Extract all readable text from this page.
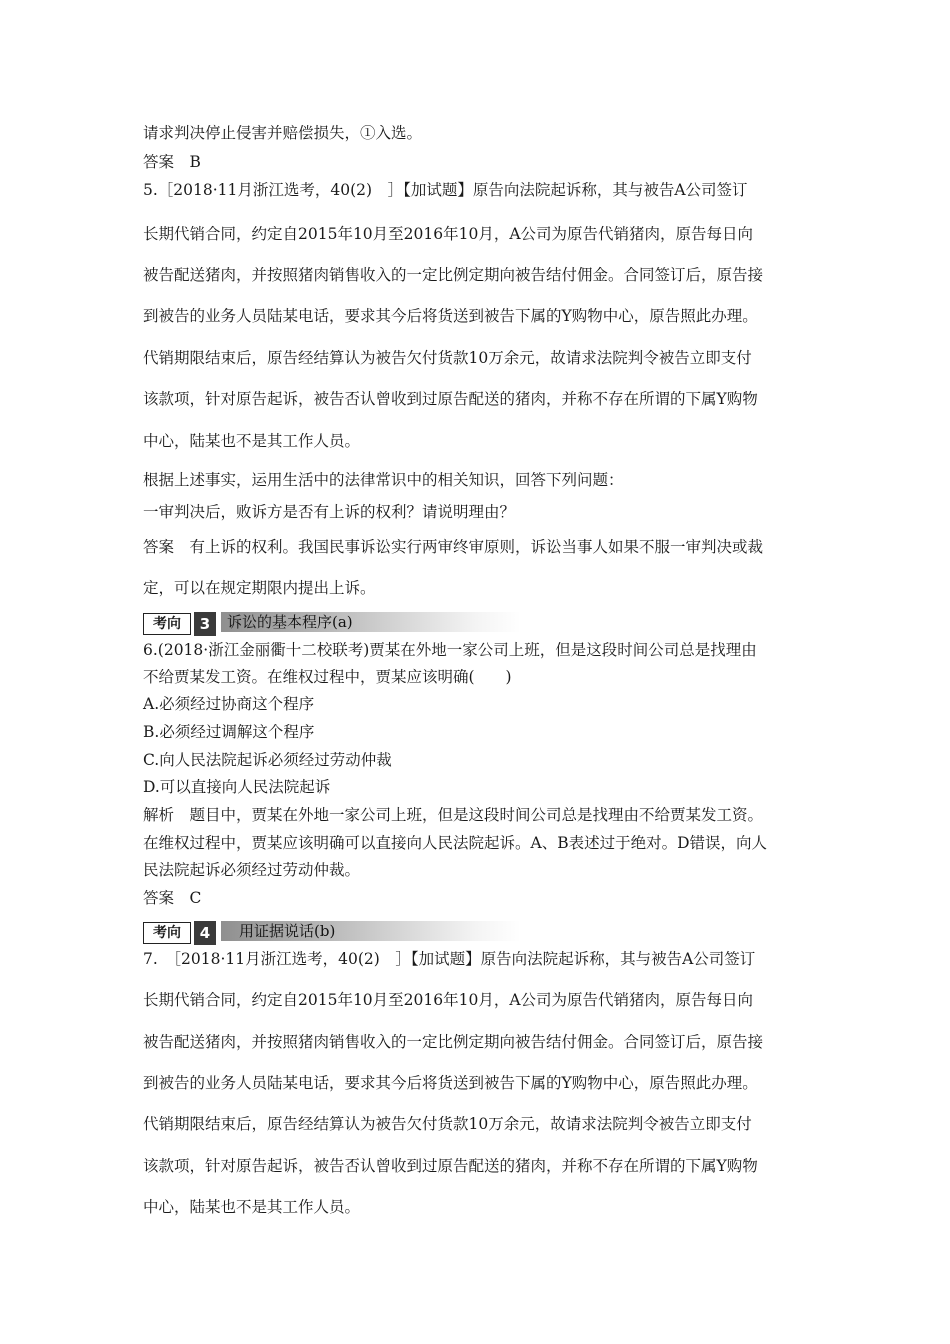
请求判决停止侵害并赔偿损失，①入选。
答案　B
5.［2018·11月浙江选考，40(2)　］【加试题】原告向法院起诉称，其与被告A公司签订
长期代销合同，约定自2015年10月至2016年10月，A公司为原告代销猪肉，原告每日向
被告配送猪肉，并按照猪肉销售收入的一定比例定期向被告结付佣金。合同签订后，原告接
到被告的业务人员陆某电话，要求其今后将货送到被告下属的Y购物中心，原告照此办理。
代销期限结束后，原告经结算认为被告欠付货款10万余元，故请求法院判令被告立即支付
该款项，针对原告起诉，被告否认曾收到过原告配送的猪肉，并称不存在所谓的下属Y购物
中心，陆某也不是其工作人员。
根据上述事实，运用生活中的法律常识中的相关知识，回答下列问题：
一审判决后，败诉方是否有上诉的权利？请说明理由？
答案　有上诉的权利。我国民事诉讼实行两审终审原则，诉讼当事人如果不服一审判决或裁
定，可以在规定期限内提出上诉。
考向	3	诉讼的基本程序(a)
6.(2018·浙江金丽衢十二校联考)贾某在外地一家公司上班，但是这段时间公司总是找理由
不给贾某发工资。在维权过程中，贾某应该明确(　　)
A.必须经过协商这个程序
B.必须经过调解这个程序
C.向人民法院起诉必须经过劳动仲裁
D.可以直接向人民法院起诉
解析　题目中，贾某在外地一家公司上班，但是这段时间公司总是找理由不给贾某发工资。
在维权过程中，贾某应该明确可以直接向人民法院起诉。A、B表述过于绝对。D错误，向人
民法院起诉必须经过劳动仲裁。
答案　C
考向	4	用证据说话(b)
7.　［2018·11月浙江选考，40(2)　］【加试题】原告向法院起诉称，其与被告A公司签订
长期代销合同，约定自2015年10月至2016年10月，A公司为原告代销猪肉，原告每日向
被告配送猪肉，并按照猪肉销售收入的一定比例定期向被告结付佣金。合同签订后，原告接
到被告的业务人员陆某电话，要求其今后将货送到被告下属的Y购物中心，原告照此办理。
代销期限结束后，原告经结算认为被告欠付货款10万余元，故请求法院判令被告立即支付
该款项，针对原告起诉，被告否认曾收到过原告配送的猪肉，并称不存在所谓的下属Y购物
中心，陆某也不是其工作人员。
